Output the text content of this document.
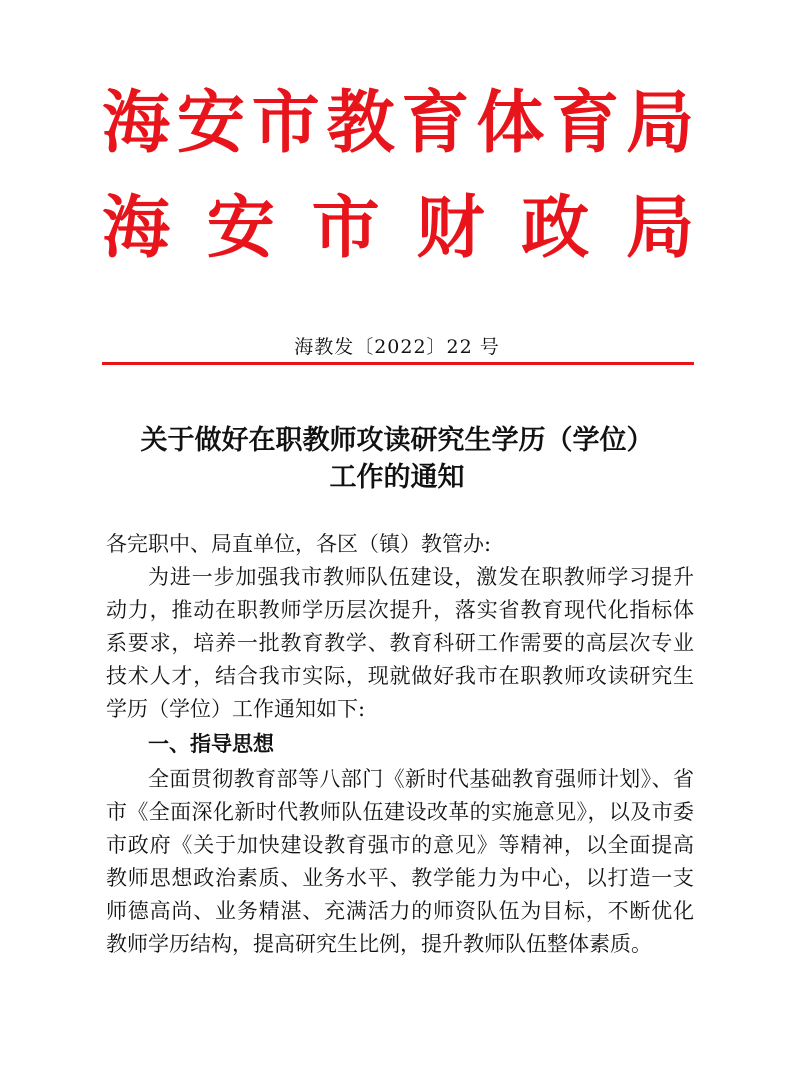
海安市教育体育局
海安市财政局
海教发〔2022〕22 号
关于做好在职教师攻读研究生学历（学位）
工作的通知
各完职中、局直单位，各区（镇）教管办:
为进一步加强我市教师队伍建设，激发在职教师学习提升
动力，推动在职教师学历层次提升，落实省教育现代化指标体
系要求，培养一批教育教学、教育科研工作需要的高层次专业
技术人才，结合我市实际，现就做好我市在职教师攻读研究生
学历（学位）工作通知如下:
一、指导思想
全面贯彻教育部等八部门《新时代基础教育强师计划》、省
市《全面深化新时代教师队伍建设改革的实施意见》，以及市委
市政府《关于加快建设教育强市的意见》等精神，以全面提高
教师思想政治素质、业务水平、教学能力为中心，以打造一支
师德高尚、业务精湛、充满活力的师资队伍为目标，不断优化
教师学历结构，提高研究生比例，提升教师队伍整体素质。
